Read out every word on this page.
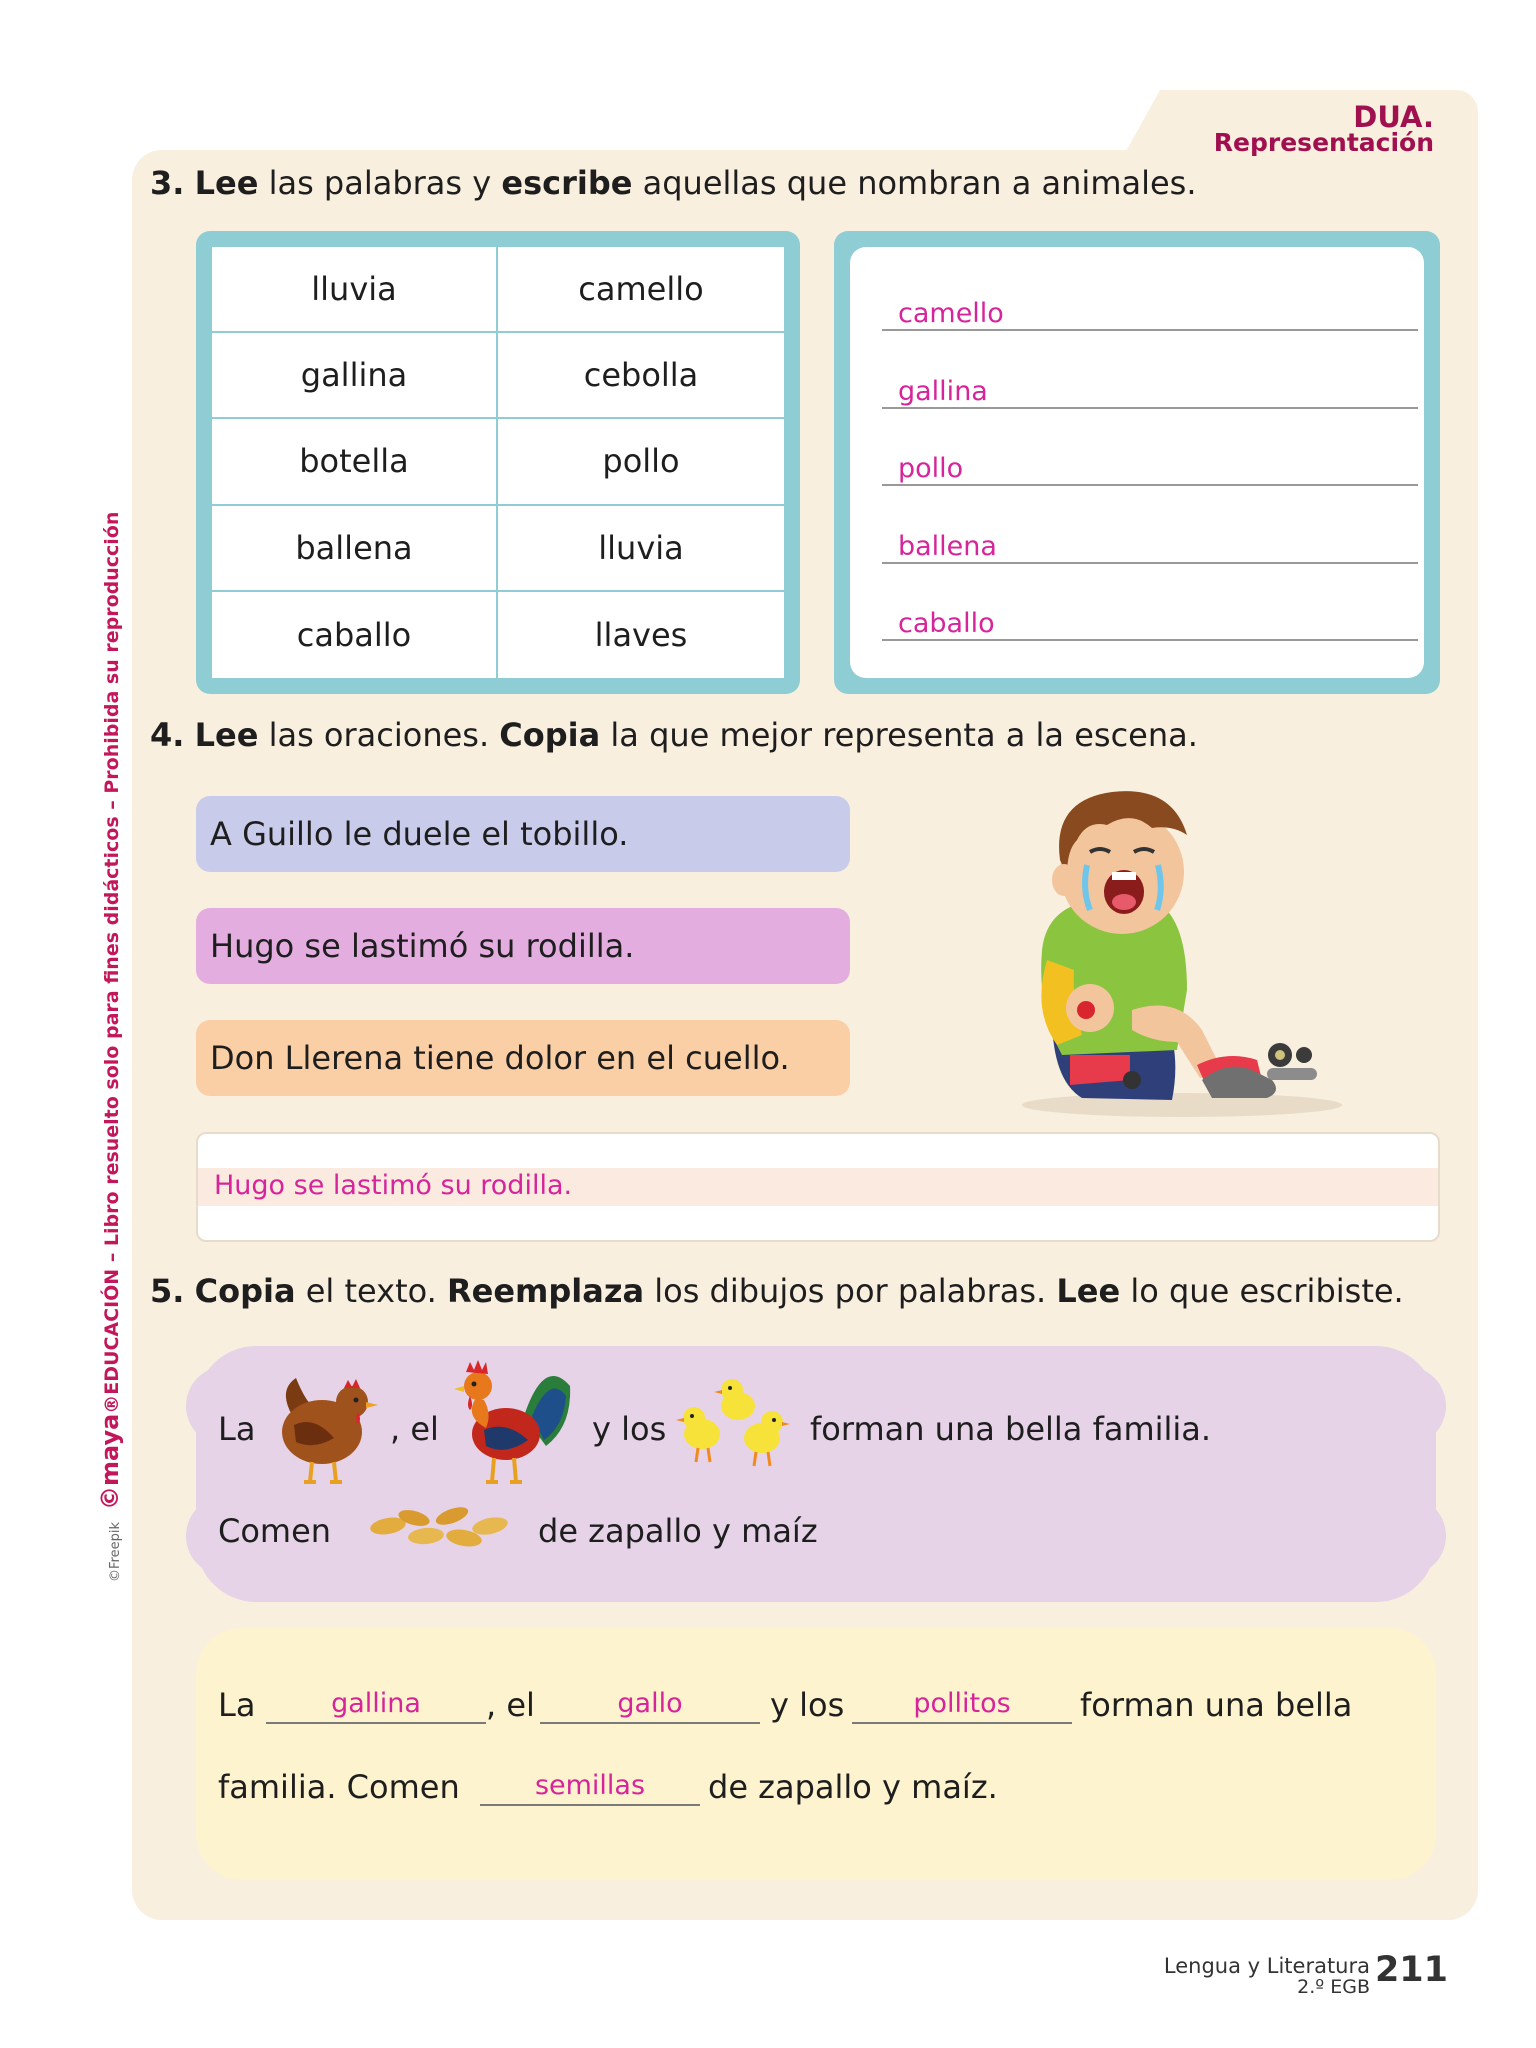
DUA.
Representación
©maya®EDUCACIÓN – Libro resuelto solo para fines didácticos – Prohibida su reproducción
©Freepik
3. Lee las palabras y escribe aquellas que nombran a animales.
lluvia	camello
gallina	cebolla
botella	pollo
ballena	lluvia
caballo	llaves
camello
gallina
pollo
ballena
caballo
4. Lee las oraciones. Copia la que mejor representa a la escena.
A Guillo le duele el tobillo.
Hugo se lastimó su rodilla.
Don Llerena tiene dolor en el cuello.
Hugo se lastimó su rodilla.
5. Copia el texto. Reemplaza los dibujos por palabras. Lee lo que escribiste.
La	, el	y los	forman una bella familia.
Comen	de zapallo y maíz
La	gallina	, el	gallo	y los	pollitos	forman una bella
familia. Comen	semillas	de zapallo y maíz.
Lengua y Literatura
2.º EGB 211
